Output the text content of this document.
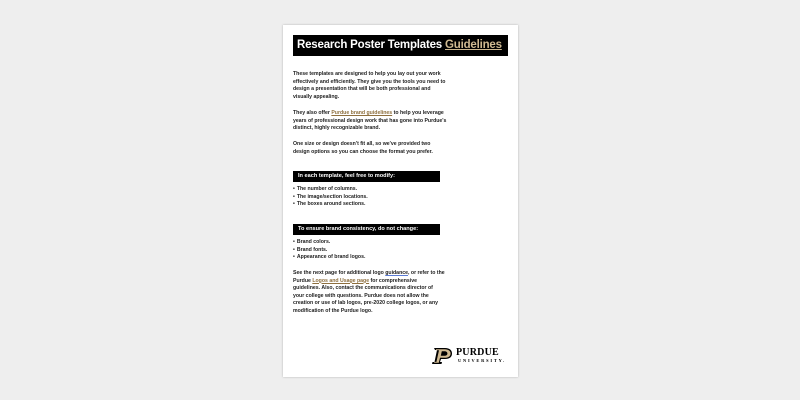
Research Poster Templates Guidelines
These templates are designed to help you lay out your work effectively and efficiently. They give you the tools you need to design a presentation that will be both professional and visually appealing.
They also offer Purdue brand guidelines to help you leverage years of professional design work that has gone into Purdue's distinct, highly recognizable brand.
One size or design doesn't fit all, so we've provided two design options so you can choose the format you prefer.
In each template, feel free to modify:
• The number of columns.
• The image/section locations.
• The boxes around sections.
To ensure brand consistency, do not change:
• Brand colors.
• Brand fonts.
• Appearance of brand logos.
See the next page for additional logo guidance, or refer to the Purdue Logos and Usage page for comprehensive guidelines. Also, contact the communications director of your college with questions. Purdue does not allow the creation or use of lab logos, pre-2020 college logos, or any modification of the Purdue logo.
PURDUE
UNIVERSITY.
